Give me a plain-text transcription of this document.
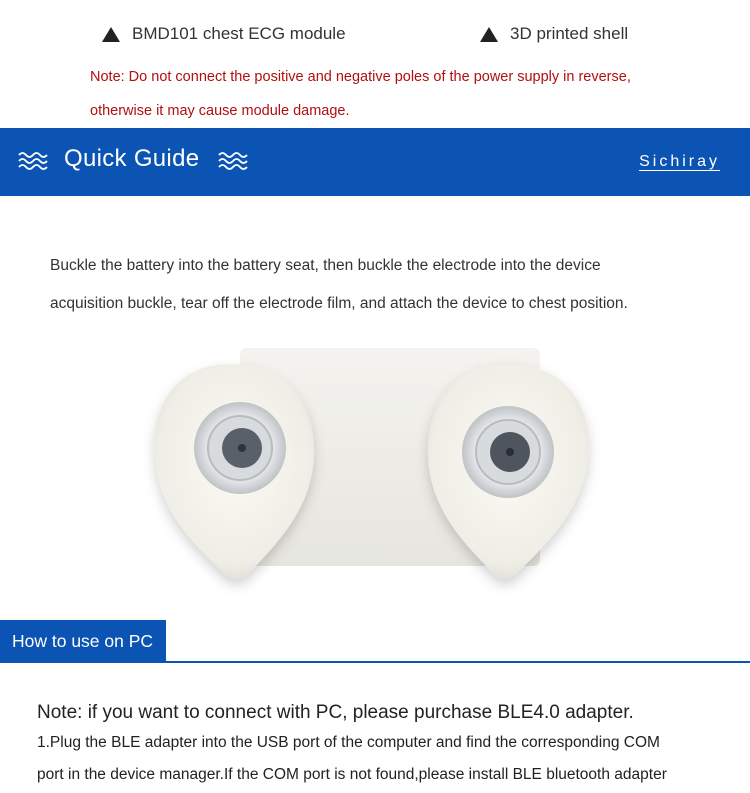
BMD101 chest ECG module	3D printed shell
Note: Do not connect the positive and negative poles of the power supply in reverse,
otherwise it may cause module damage.
Quick Guide	Sichiray
Buckle the battery into the battery seat, then buckle the electrode into the device
acquisition buckle, tear off the electrode film, and attach the device to chest position.
How to use on PC
Note: if you want to connect with PC, please purchase BLE4.0 adapter.
1.Plug the BLE adapter into the USB port of the computer and find the corresponding COM
port in the device manager.If the COM port is not found,please install BLE bluetooth adapter
